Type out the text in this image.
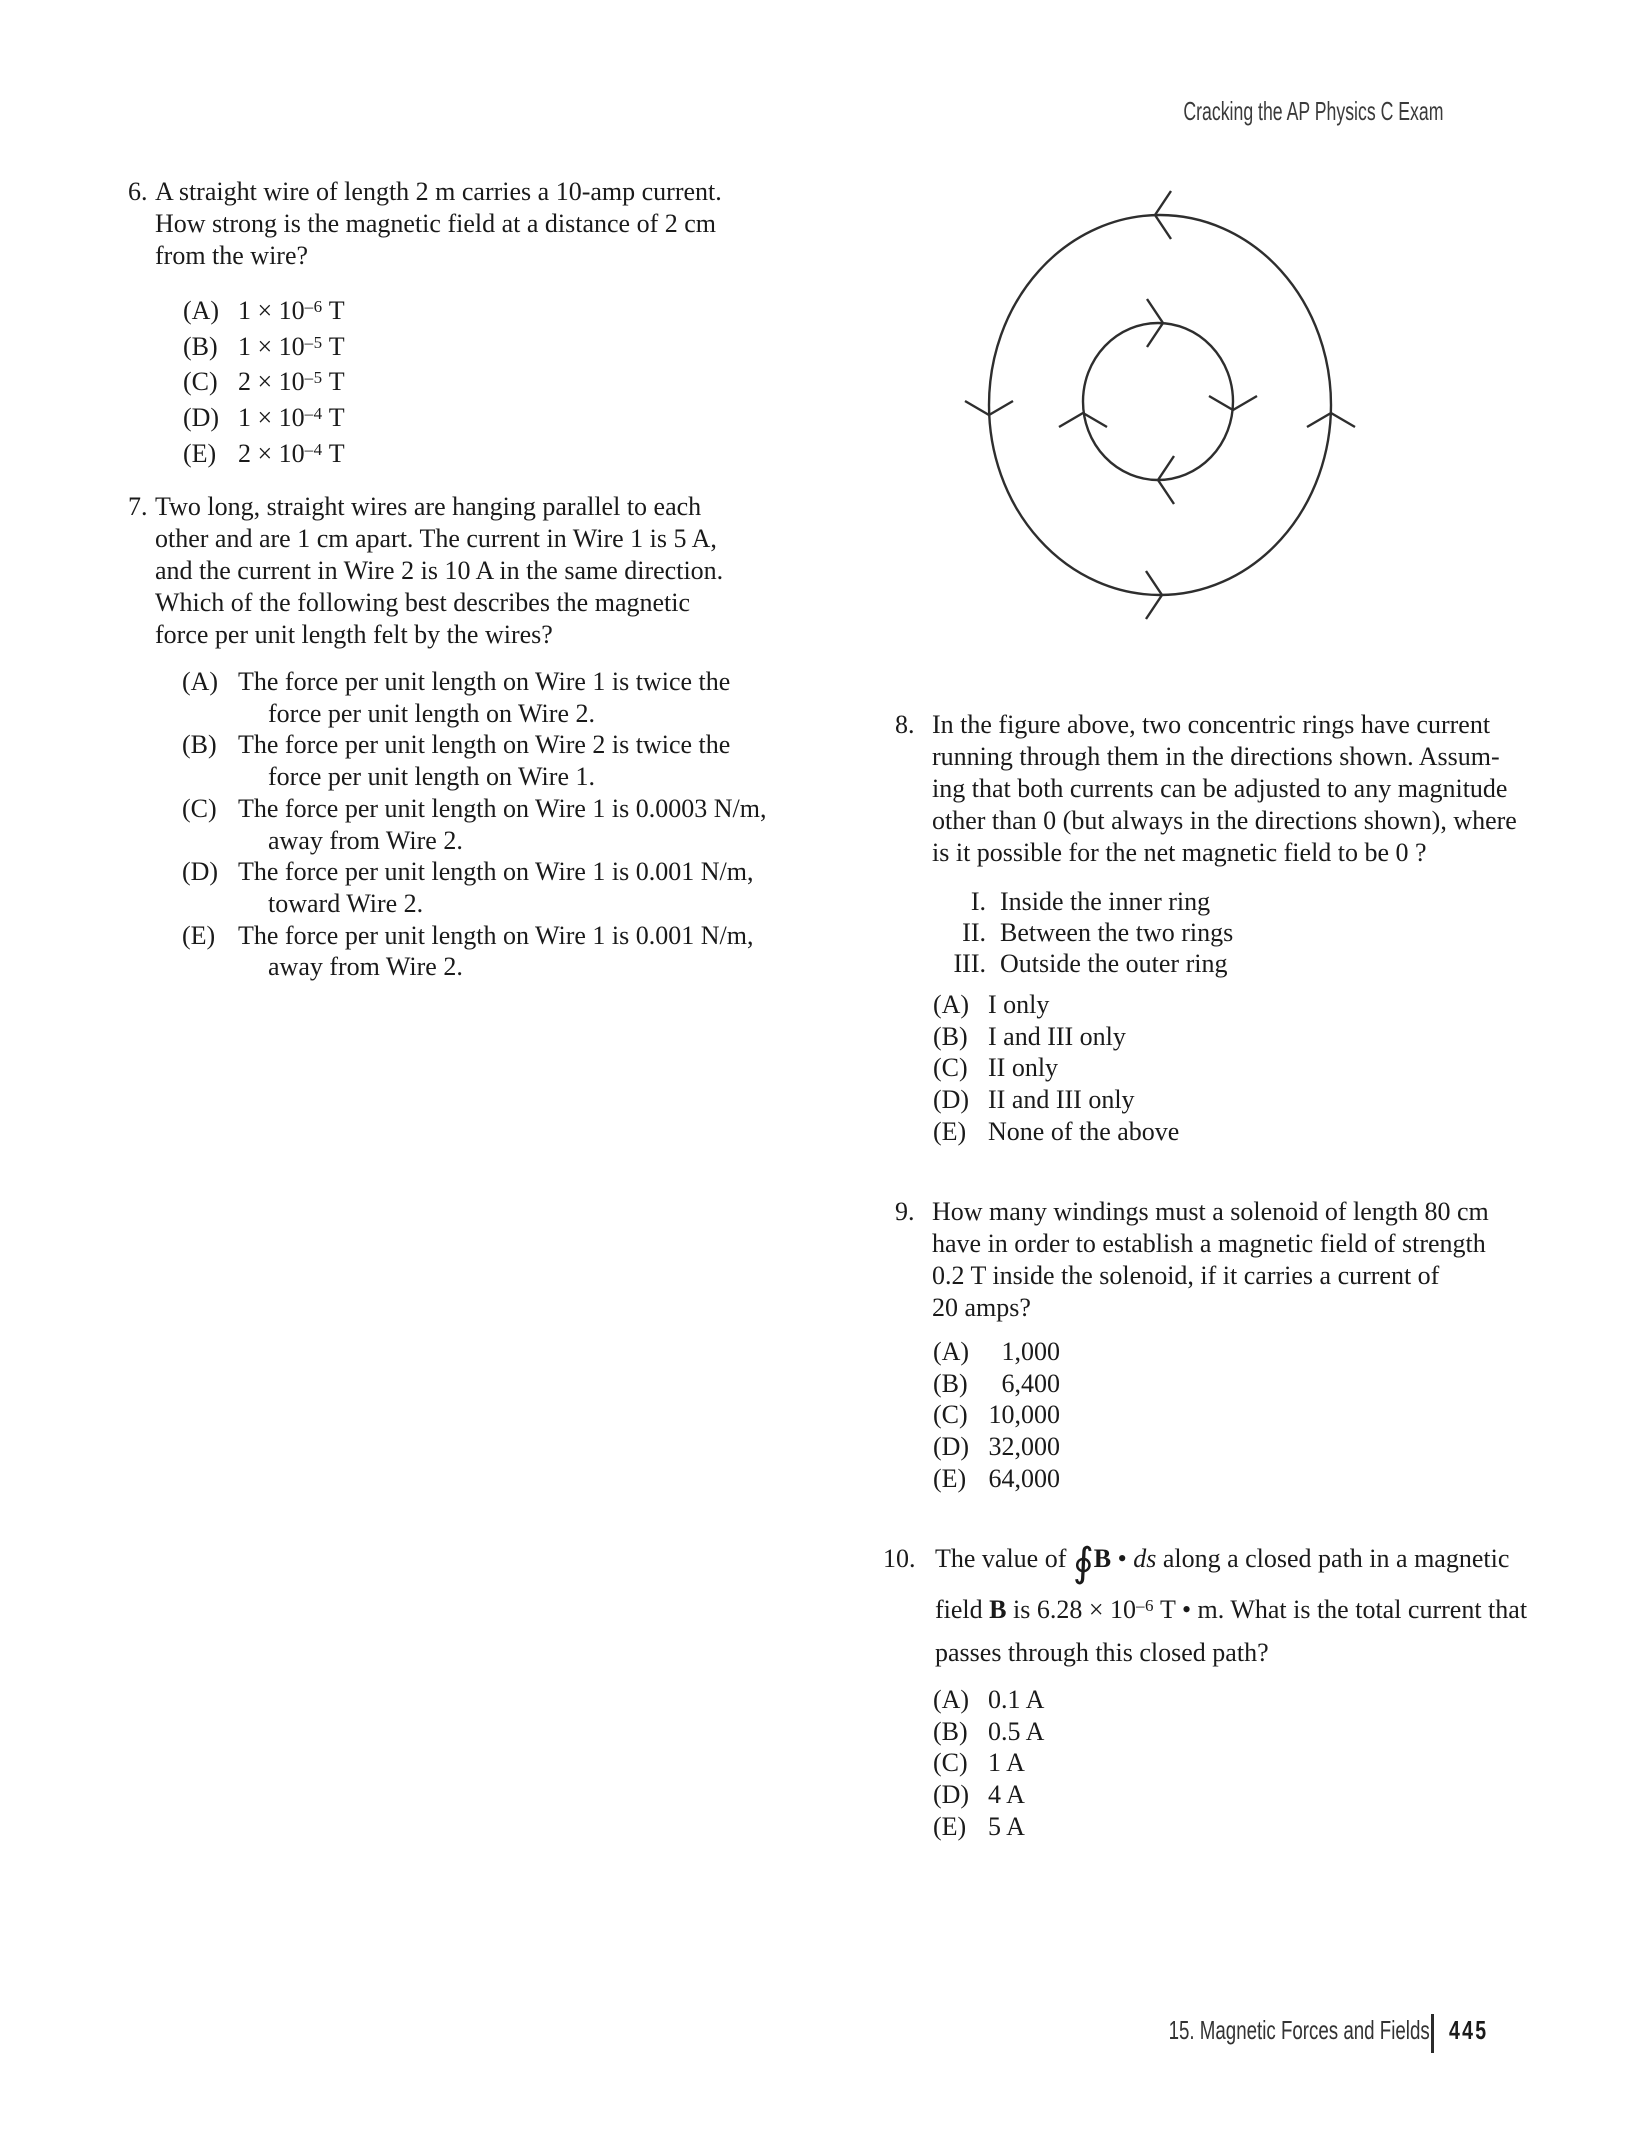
Cracking the AP Physics C Exam
6. A straight wire of length 2 m carries a 10-amp current.
How strong is the magnetic field at a distance of 2 cm
from the wire?
(A) $1 \times 10^{-6}$ T
(B) $1 \times 10^{-5}$ T
(C) $2 \times 10^{-5}$ T
(D) $1 \times 10^{-4}$ T
(E) $2 \times 10^{-4}$ T
7. Two long, straight wires are hanging parallel to each
other and are 1 cm apart. The current in Wire 1 is 5 A,
and the current in Wire 2 is 10 A in the same direction.
Which of the following best describes the magnetic
force per unit length felt by the wires?
(A) The force per unit length on Wire 1 is twice the
force per unit length on Wire 2.
(B) The force per unit length on Wire 2 is twice the
force per unit length on Wire 1.
(C) The force per unit length on Wire 1 is 0.0003 N/m,
away from Wire 2.
(D) The force per unit length on Wire 1 is 0.001 N/m,
toward Wire 2.
(E) The force per unit length on Wire 1 is 0.001 N/m,
away from Wire 2.
8. In the figure above, two concentric rings have current
running through them in the directions shown. Assum-
ing that both currents can be adjusted to any magnitude
other than 0 (but always in the directions shown), where
is it possible for the net magnetic field to be 0 ?
I. Inside the inner ring
II. Between the two rings
III. Outside the outer ring
(A) I only
(B) I and III only
(C) II only
(D) II and III only
(E) None of the above
9. How many windings must a solenoid of length 80 cm
have in order to establish a magnetic field of strength
0.2 T inside the solenoid, if it carries a current of
20 amps?
(A) 1,000
(B) 6,400
(C) 10,000
(D) 32,000
(E) 64,000
10. The value of ∮B • ds along a closed path in a magnetic
field B is $6.28 \times 10^{-6}$ T • m. What is the total current that
passes through this closed path?
(A) 0.1 A
(B) 0.5 A
(C) 1 A
(D) 4 A
(E) 5 A
15. Magnetic Forces and Fields 445
